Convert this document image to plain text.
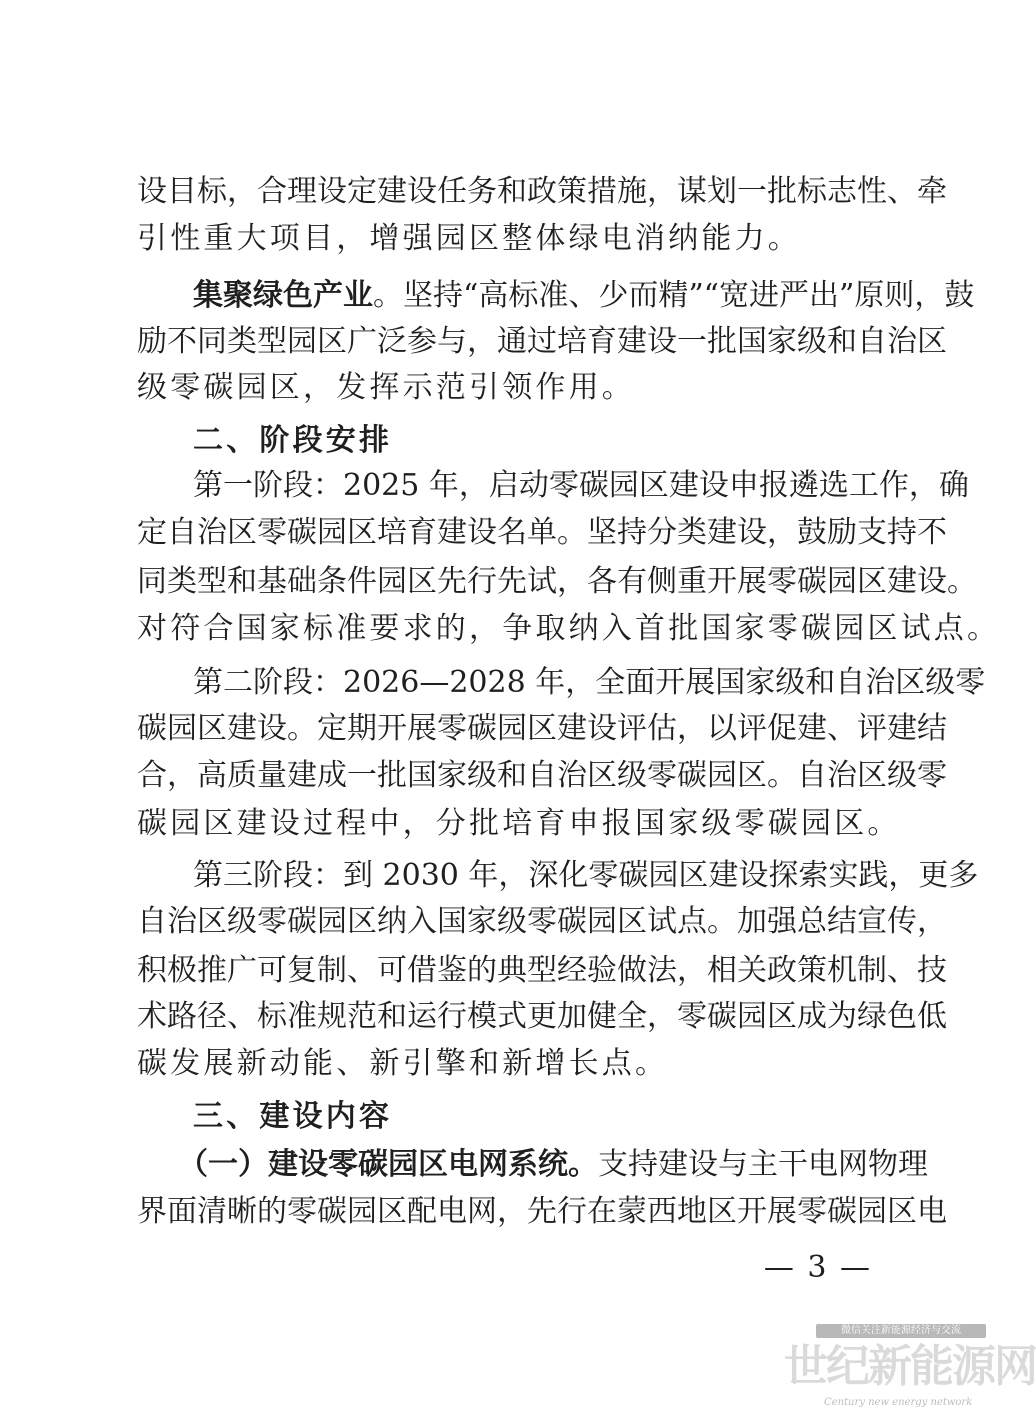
设目标，合理设定建设任务和政策措施，谋划一批标志性、牵
引性重大项目，增强园区整体绿电消纳能力。
集聚绿色产业。坚持“高标准、少而精”“宽进严出”原则，鼓
励不同类型园区广泛参与，通过培育建设一批国家级和自治区
级零碳园区，发挥示范引领作用。
二、阶段安排
第一阶段：2025 年，启动零碳园区建设申报遴选工作，确
定自治区零碳园区培育建设名单。坚持分类建设，鼓励支持不
同类型和基础条件园区先行先试，各有侧重开展零碳园区建设。
对符合国家标准要求的，争取纳入首批国家零碳园区试点。
第二阶段：2026—2028 年，全面开展国家级和自治区级零
碳园区建设。定期开展零碳园区建设评估，以评促建、评建结
合，高质量建成一批国家级和自治区级零碳园区。自治区级零
碳园区建设过程中，分批培育申报国家级零碳园区。
第三阶段：到 2030 年，深化零碳园区建设探索实践，更多
自治区级零碳园区纳入国家级零碳园区试点。加强总结宣传，
积极推广可复制、可借鉴的典型经验做法，相关政策机制、技
术路径、标准规范和运行模式更加健全，零碳园区成为绿色低
碳发展新动能、新引擎和新增长点。
三、建设内容
（一）建设零碳园区电网系统。支持建设与主干电网物理
界面清晰的零碳园区配电网，先行在蒙西地区开展零碳园区电
— 3 —
微信关注新能源经济与交流
世纪新能源网
Century new energy network
